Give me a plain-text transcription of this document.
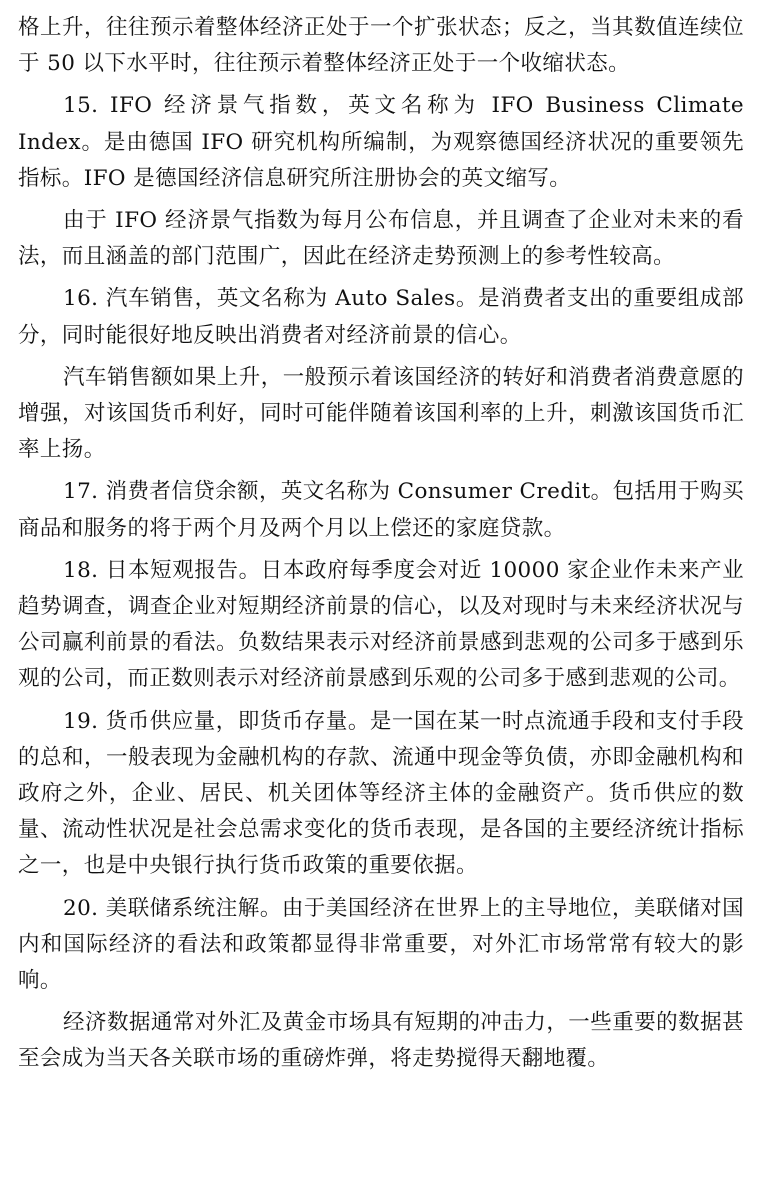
格上升，往往预示着整体经济正处于一个扩张状态；反之，当其数值连续位于 50 以下水平时，往往预示着整体经济正处于一个收缩状态。

15. IFO 经济景气指数，英文名称为 IFO Business Climate Index。是由德国 IFO 研究机构所编制，为观察德国经济状况的重要领先指标。IFO 是德国经济信息研究所注册协会的英文缩写。

由于 IFO 经济景气指数为每月公布信息，并且调查了企业对未来的看法，而且涵盖的部门范围广，因此在经济走势预测上的参考性较高。

16. 汽车销售，英文名称为 Auto Sales。是消费者支出的重要组成部分，同时能很好地反映出消费者对经济前景的信心。

汽车销售额如果上升，一般预示着该国经济的转好和消费者消费意愿的增强，对该国货币利好，同时可能伴随着该国利率的上升，刺激该国货币汇率上扬。

17. 消费者信贷余额，英文名称为 Consumer Credit。包括用于购买商品和服务的将于两个月及两个月以上偿还的家庭贷款。

18. 日本短观报告。日本政府每季度会对近 10000 家企业作未来产业趋势调查，调查企业对短期经济前景的信心，以及对现时与未来经济状况与公司赢利前景的看法。负数结果表示对经济前景感到悲观的公司多于感到乐观的公司，而正数则表示对经济前景感到乐观的公司多于感到悲观的公司。

19. 货币供应量，即货币存量。是一国在某一时点流通手段和支付手段的总和，一般表现为金融机构的存款、流通中现金等负债，亦即金融机构和政府之外，企业、居民、机关团体等经济主体的金融资产。货币供应的数量、流动性状况是社会总需求变化的货币表现，是各国的主要经济统计指标之一，也是中央银行执行货币政策的重要依据。

20. 美联储系统注解。由于美国经济在世界上的主导地位，美联储对国内和国际经济的看法和政策都显得非常重要，对外汇市场常常有较大的影响。

经济数据通常对外汇及黄金市场具有短期的冲击力，一些重要的数据甚至会成为当天各关联市场的重磅炸弹，将走势搅得天翻地覆。
